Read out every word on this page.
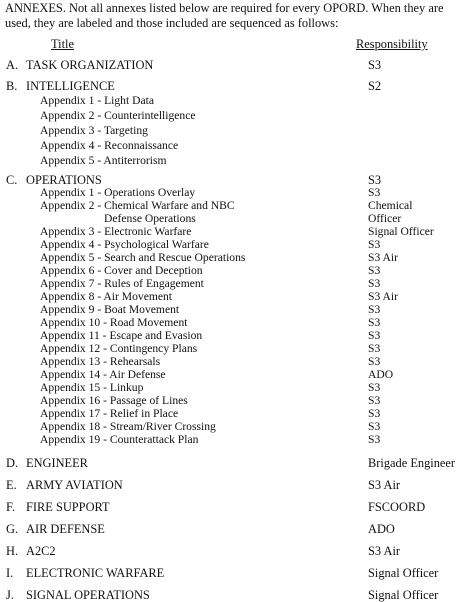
ANNEXES. Not all annexes listed below are required for every OPORD. When they are used, they are labeled and those included are sequenced as follows:
Title	Responsibility
A. TASK ORGANIZATION	S3
B. INTELLIGENCE	S2
Appendix 1 - Light Data
Appendix 2 - Counterintelligence
Appendix 3 - Targeting
Appendix 4 - Reconnaissance
Appendix 5 - Antiterrorism
C. OPERATIONS	S3
Appendix 1 - Operations Overlay	S3
Appendix 2 - Chemical Warfare and NBC	Chemical
Defense Operations	Officer
Appendix 3 - Electronic Warfare	Signal Officer
Appendix 4 - Psychological Warfare	S3
Appendix 5 - Search and Rescue Operations	S3 Air
Appendix 6 - Cover and Deception	S3
Appendix 7 - Rules of Engagement	S3
Appendix 8 - Air Movement	S3 Air
Appendix 9 - Boat Movement	S3
Appendix 10 - Road Movement	S3
Appendix 11 - Escape and Evasion	S3
Appendix 12 - Contingency Plans	S3
Appendix 13 - Rehearsals	S3
Appendix 14 - Air Defense	ADO
Appendix 15 - Linkup	S3
Appendix 16 - Passage of Lines	S3
Appendix 17 - Relief in Place	S3
Appendix 18 - Stream/River Crossing	S3
Appendix 19 - Counterattack Plan	S3
D. ENGINEER	Brigade Engineer
E. ARMY AVIATION	S3 Air
F. FIRE SUPPORT	FSCOORD
G. AIR DEFENSE	ADO
H. A2C2	S3 Air
I. ELECTRONIC WARFARE	Signal Officer
J. SIGNAL OPERATIONS	Signal Officer
